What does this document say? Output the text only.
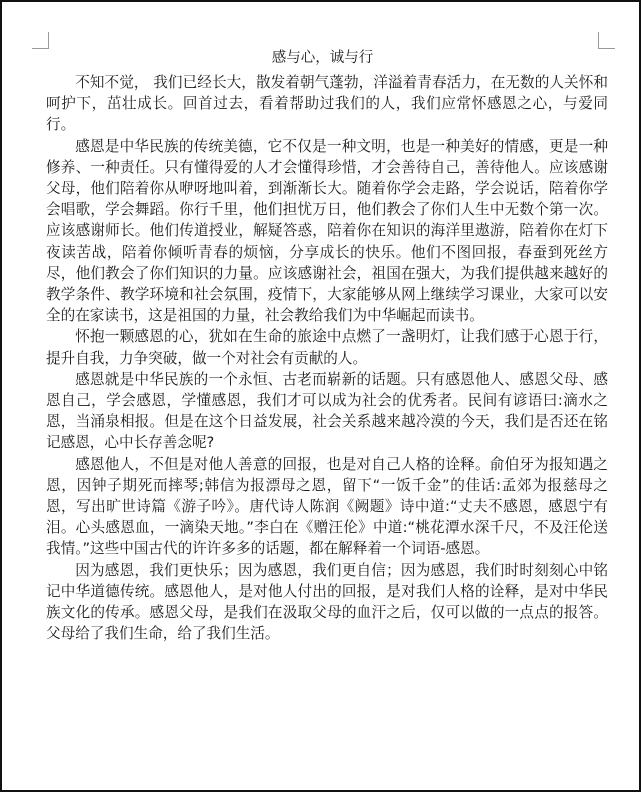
感与心，诚与行

不知不觉， 我们已经长大，散发着朝气蓬勃，洋溢着青春活力，在无数的人关怀和呵护下，茁壮成长。回首过去，看着帮助过我们的人，我们应常怀感恩之心，与爱同行。

感恩是中华民族的传统美德，它不仅是一种文明，也是一种美好的情感，更是一种修养、一种责任。只有懂得爱的人才会懂得珍惜，才会善待自己，善待他人。应该感谢父母，他们陪着你从咿呀地叫着，到渐渐长大。随着你学会走路，学会说话，陪着你学会唱歌，学会舞蹈。你行千里，他们担忧万日，他们教会了你们人生中无数个第一次。应该感谢师长。他们传道授业，解疑答惑，陪着你在知识的海洋里遨游，陪着你在灯下夜读苦战，陪着你倾听青春的烦恼，分享成长的快乐。他们不图回报，春蚕到死丝方尽，他们教会了你们知识的力量。应该感谢社会，祖国在强大，为我们提供越来越好的教学条件、教学环境和社会氛围，疫情下，大家能够从网上继续学习课业，大家可以安全的在家读书，这是祖国的力量，社会教给我们为中华崛起而读书。

怀抱一颗感恩的心，犹如在生命的旅途中点燃了一盏明灯，让我们感于心恩于行，提升自我，力争突破，做一个对社会有贡献的人。

感恩就是中华民族的一个永恒、古老而崭新的话题。只有感恩他人、感恩父母、感恩自己，学会感恩，学懂感恩，我们才可以成为社会的优秀者。民间有谚语曰:滴水之恩，当涌泉相报。但是在这个日益发展，社会关系越来越冷漠的今天，我们是否还在铭记感恩，心中长存善念呢?

感恩他人，不但是对他人善意的回报，也是对自己人格的诠释。俞伯牙为报知遇之恩，因钟子期死而摔琴;韩信为报漂母之恩，留下“一饭千金”的佳话:孟郊为报慈母之恩，写出旷世诗篇《游子吟》。唐代诗人陈润《阙题》诗中道:“丈夫不感恩，感恩宁有泪。心头感恩血，一滴染天地。”李白在《赠汪伦》中道:“桃花潭水深千尺，不及汪伦送我情。”这些中国古代的许许多多的话题，都在解释着一个词语-感恩。

因为感恩，我们更快乐；因为感恩，我们更自信；因为感恩，我们时时刻刻心中铭记中华道德传统。感恩他人，是对他人付出的回报，是对我们人格的诠释，是对中华民族文化的传承。感恩父母，是我们在汲取父母的血汗之后，仅可以做的一点点的报答。父母给了我们生命，给了我们生活。
